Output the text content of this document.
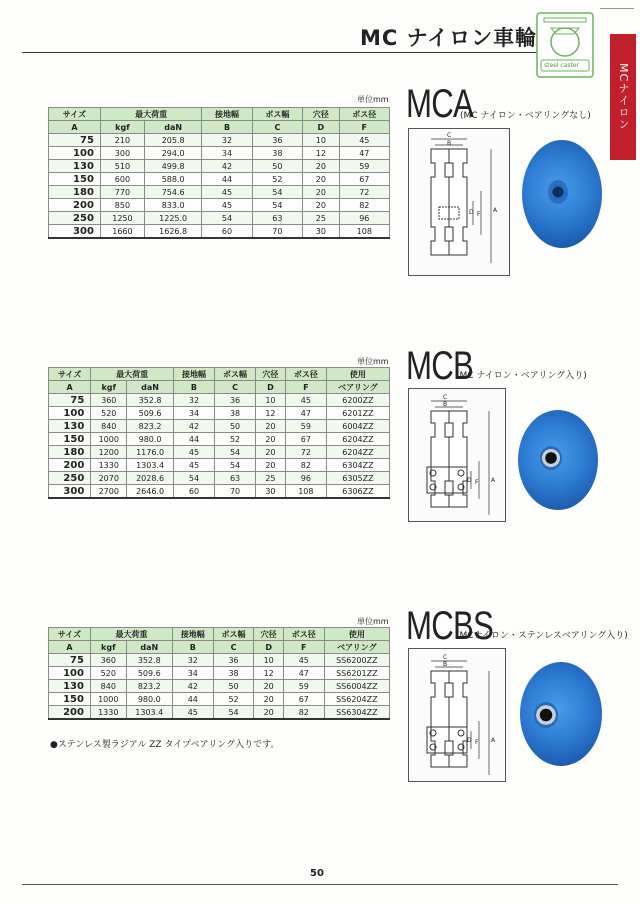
MC ナイロン車輪
steel caster	MCナイロン
単位mm MCA
(MC ナイロン・ベアリングなし)
サイズ	最大荷重		接地幅	ボス幅	穴径	ボス径
A	kgf	daN	B	C	D	F
75	210	205.8	32	36	10	45
100	300	294.0	34	38	12	47
130	510	499.8	42	50	20	59
150	600	588.0	44	52	20	67
180	770	754.6	45	54	20	72
200	850	833.0	45	54	20	82
250	1250	1225.0	54	63	25	96
300	1660	1626.8	60	70	30	108
C
B
D F
A
単位mm MCB
(MC ナイロン・ベアリング入り)
サイズ	最大荷重		接地幅	ボス幅	穴径	ボス径	使用
A	kgf	daN	B	C	D	F	ベアリング
75	360	352.8	32	36	10	45	6200ZZ
100	520	509.6	34	38	12	47	6201ZZ
130	840	823.2	42	50	20	59	6004ZZ
150	1000	980.0	44	52	20	67	6204ZZ
180	1200	1176.0	45	54	20	72	6204ZZ
200	1330	1303.4	45	54	20	82	6304ZZ
250	2070	2028.6	54	63	25	96	6305ZZ
300	2700	2646.0	60	70	30	108	6306ZZ
C
B
D F A
単位mm MCBS
(MCナイロン・ステンレスベアリング入り)
サイズ	最大荷重		接地幅	ボス幅	穴径	ボス径	使用
A	kgf	daN	B	C	D	F	ベアリング
75	360	352.8	32	36	10	45	SS6200ZZ
100	520	509.6	34	38	12	47	SS6201ZZ
130	840	823.2	42	50	20	59	SS6004ZZ
150	1000	980.0	44	52	20	67	SS6204ZZ
200	1330	1303.4	45	54	20	82	SS6304ZZ
●ステンレス製ラジアル ZZ タイプベアリング入りです。
C
B
D F A
50
